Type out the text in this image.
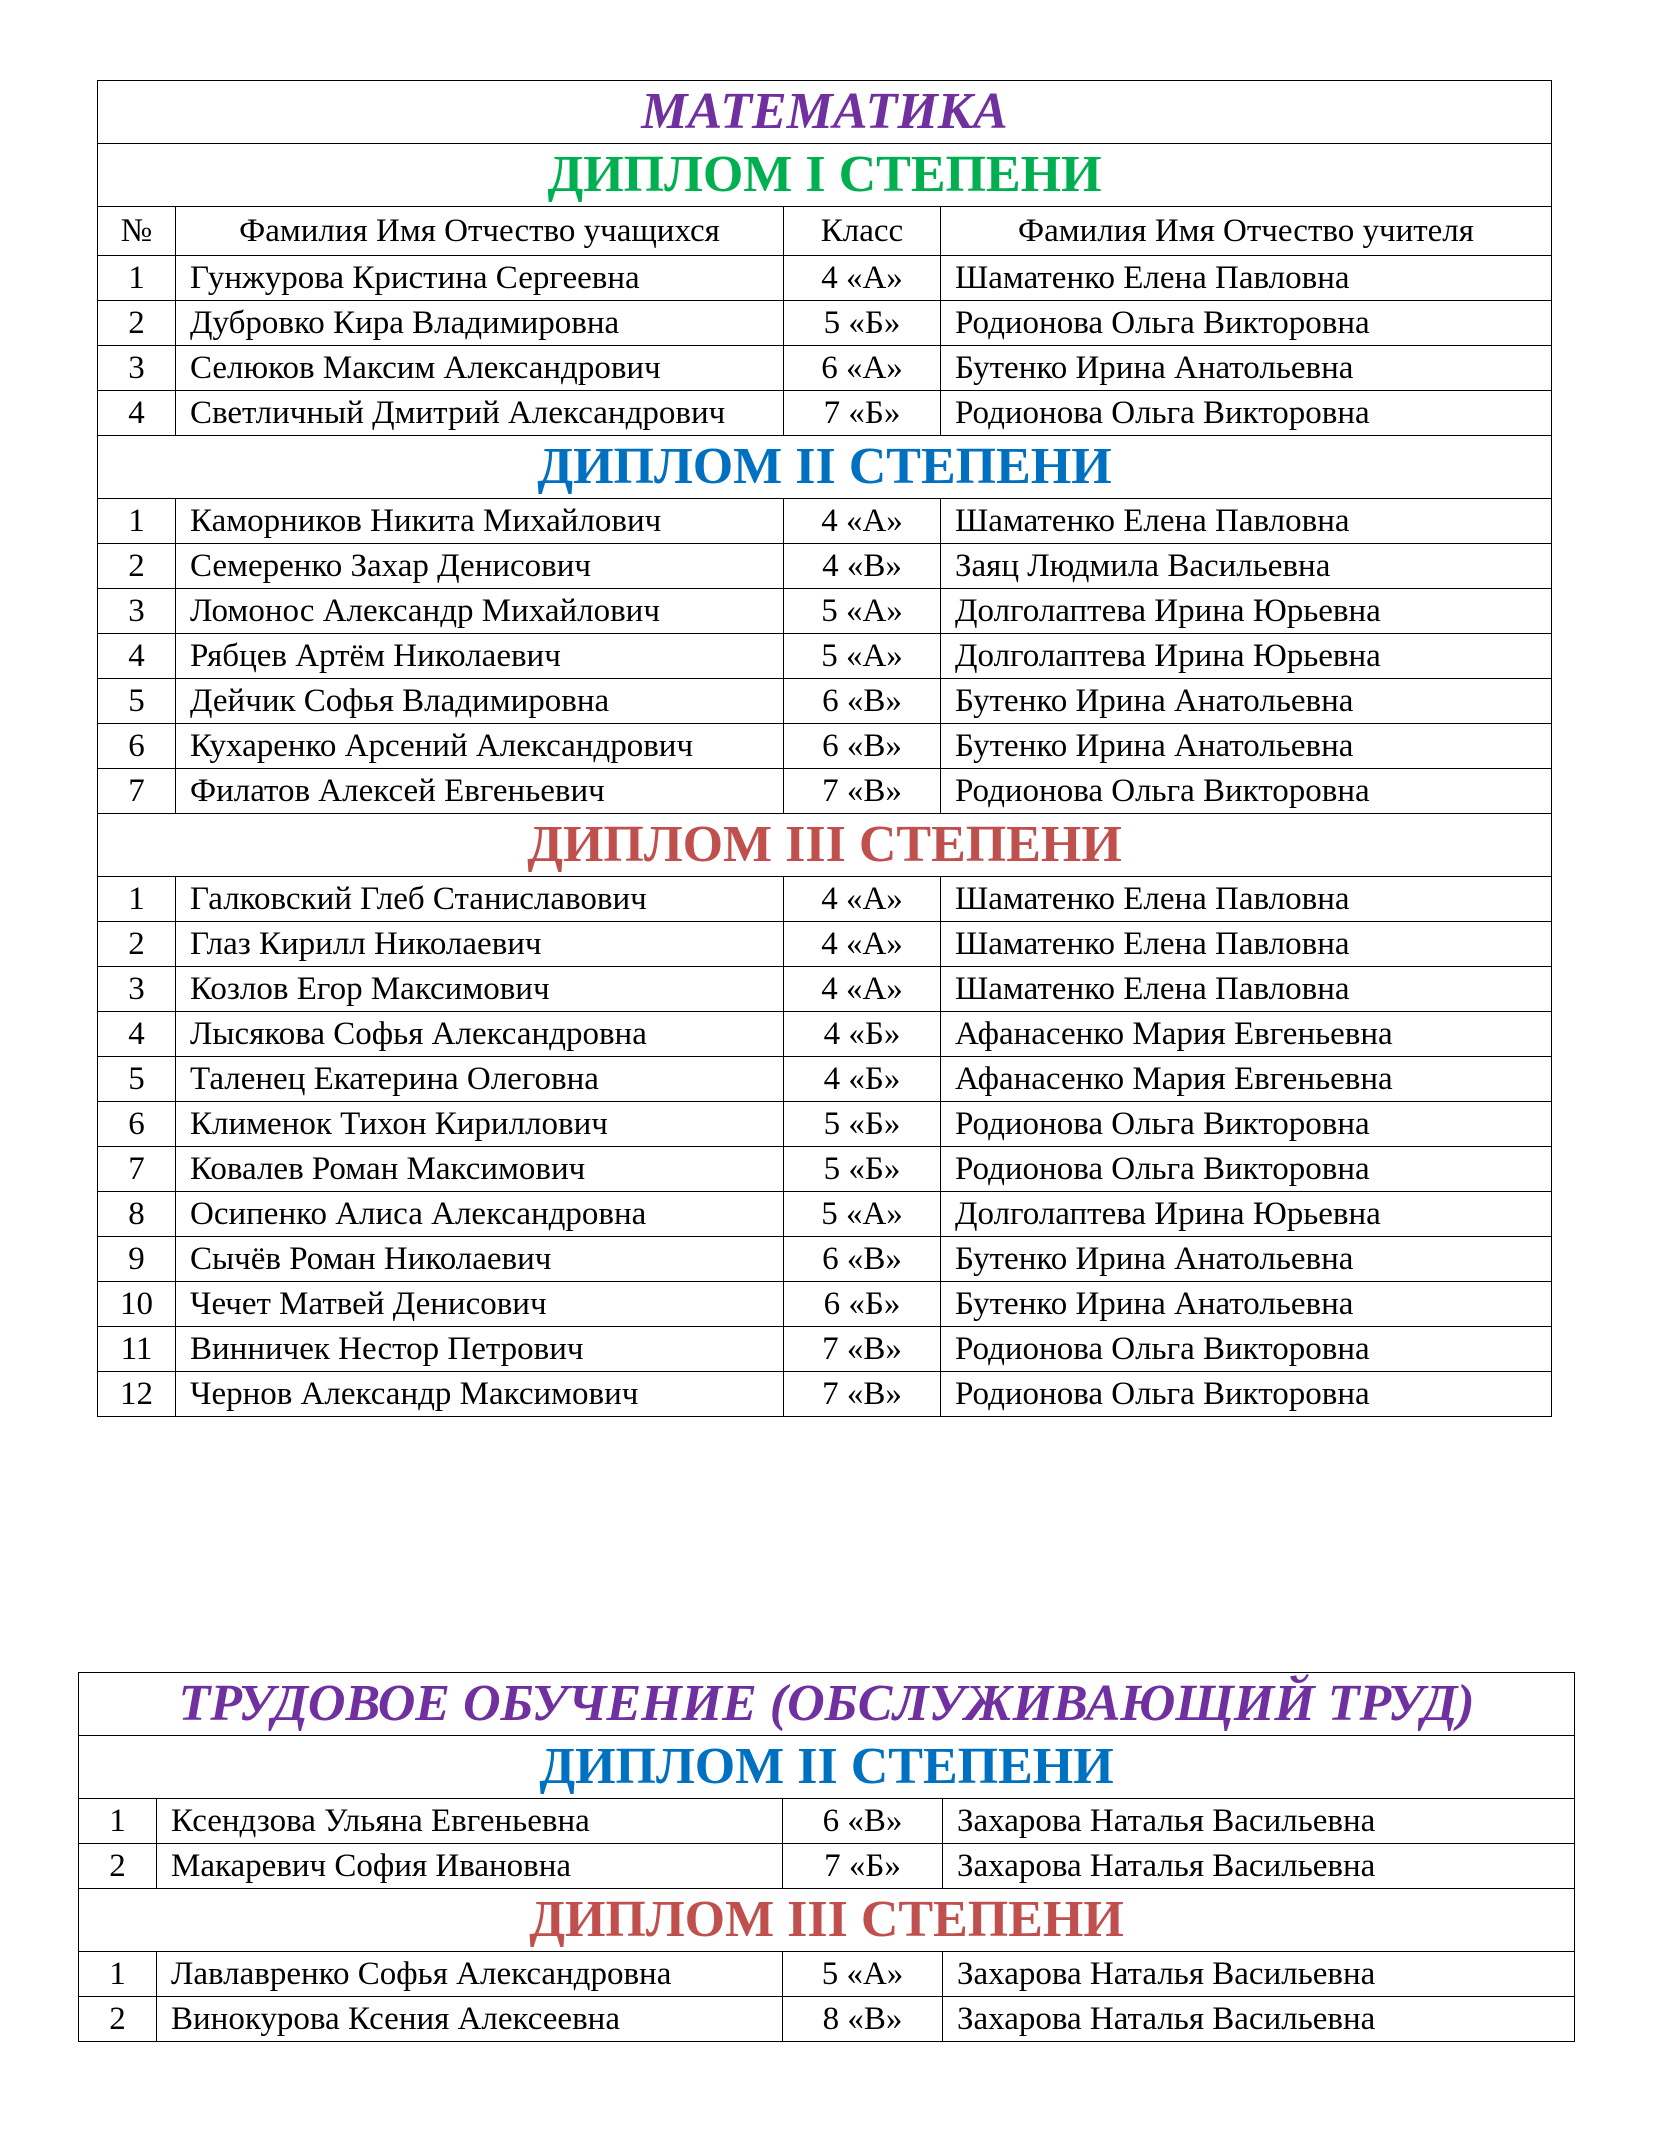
МАТЕМАТИКА			
ДИПЛОМ I СТЕПЕНИ			
№	Фамилия Имя Отчество учащихся	Класс	Фамилия Имя Отчество учителя
1	Гунжурова Кристина Сергеевна	4 «А»	Шаматенко Елена Павловна
2	Дубровко Кира Владимировна	5 «Б»	Родионова Ольга Викторовна
3	Селюков Максим Александрович	6 «А»	Бутенко Ирина Анатольевна
4	Светличный Дмитрий Александрович	7 «Б»	Родионова Ольга Викторовна
ДИПЛОМ II СТЕПЕНИ			
1	Каморников Никита Михайлович	4 «А»	Шаматенко Елена Павловна
2	Семеренко Захар Денисович	4 «В»	Заяц Людмила Васильевна
3	Ломонос Александр Михайлович	5 «А»	Долголаптева Ирина Юрьевна
4	Рябцев Артём Николаевич	5 «А»	Долголаптева Ирина Юрьевна
5	Дейчик Софья Владимировна	6 «В»	Бутенко Ирина Анатольевна
6	Кухаренко Арсений Александрович	6 «В»	Бутенко Ирина Анатольевна
7	Филатов Алексей Евгеньевич	7 «В»	Родионова Ольга Викторовна
ДИПЛОМ III СТЕПЕНИ			
1	Галковский Глеб Станиславович	4 «А»	Шаматенко Елена Павловна
2	Глаз Кирилл Николаевич	4 «А»	Шаматенко Елена Павловна
3	Козлов Егор Максимович	4 «А»	Шаматенко Елена Павловна
4	Лысякова Софья Александровна	4 «Б»	Афанасенко Мария Евгеньевна
5	Таленец Екатерина Олеговна	4 «Б»	Афанасенко Мария Евгеньевна
6	Клименок Тихон Кириллович	5 «Б»	Родионова Ольга Викторовна
7	Ковалев Роман Максимович	5 «Б»	Родионова Ольга Викторовна
8	Осипенко Алиса Александровна	5 «А»	Долголаптева Ирина Юрьевна
9	Сычёв Роман Николаевич	6 «В»	Бутенко Ирина Анатольевна
10	Чечет Матвей Денисович	6 «Б»	Бутенко Ирина Анатольевна
11	Винничек Нестор Петрович	7 «В»	Родионова Ольга Викторовна
12	Чернов Александр Максимович	7 «В»	Родионова Ольга Викторовна
ТРУДОВОЕ ОБУЧЕНИЕ (ОБСЛУЖИВАЮЩИЙ ТРУД)			
ДИПЛОМ II СТЕПЕНИ			
1	Ксендзова Ульяна Евгеньевна	6 «В»	Захарова Наталья Васильевна
2	Макаревич София Ивановна	7 «Б»	Захарова Наталья Васильевна
ДИПЛОМ III СТЕПЕНИ			
1	Лавлавренко Софья Александровна	5 «А»	Захарова Наталья Васильевна
2	Винокурова Ксения Алексеевна	8 «В»	Захарова Наталья Васильевна
